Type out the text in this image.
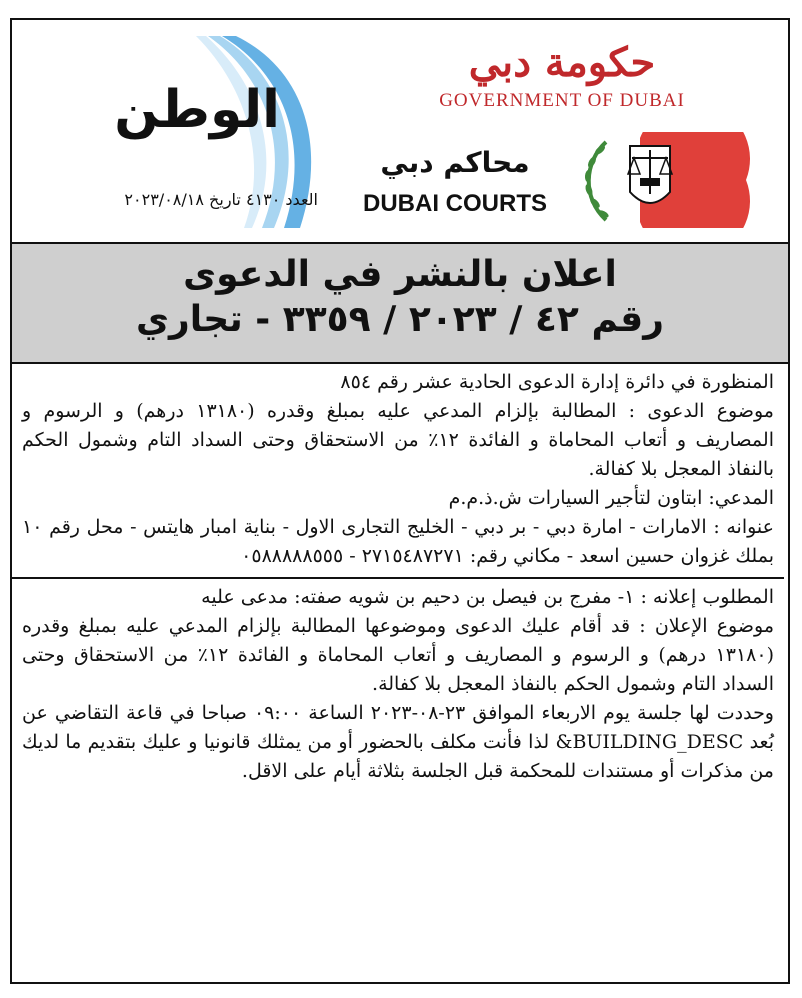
الوطن
العدد ٤١٣٠ تاريخ ٢٠٢٣/٠٨/١٨
حكومة دبي
GOVERNMENT OF DUBAI
محاكم دبي
DUBAI COURTS
اعلان بالنشر في الدعوى
رقم ٤٢ / ٢٠٢٣ / ٣٣٥٩ - تجاري

المنظورة في دائرة إدارة الدعوى الحادية عشر رقم ٨٥٤

موضوع الدعوى : المطالبة بإلزام المدعي عليه بمبلغ وقدره (١٣١٨٠ درهم) و الرسوم و المصاريف و أتعاب المحاماة و الفائدة ١٢٪ من الاستحقاق وحتى السداد التام وشمول الحكم بالنفاذ المعجل بلا كفالة.

المدعي: ابتاون لتأجير السيارات ش.ذ.م.م

عنوانه : الامارات - امارة دبي - بر دبي - الخليج التجارى الاول - بناية امبار هايتس - محل رقم ١٠ بملك غزوان حسين اسعد - مكاني رقم: ٢٧١٥٤٨٧٢٧١ - ٠٥٨٨٨٨٨٥٥٥

المطلوب إعلانه : ١- مفرج بن فيصل بن دحيم بن شويه صفته: مدعى عليه

موضوع الإعلان : قد أقام عليك الدعوى وموضوعها المطالبة بإلزام المدعي عليه بمبلغ وقدره (١٣١٨٠ درهم) و الرسوم و المصاريف و أتعاب المحاماة و الفائدة ١٢٪ من الاستحقاق وحتى السداد التام وشمول الحكم بالنفاذ المعجل بلا كفالة.

وحددت لها جلسة يوم الاربعاء الموافق ٢٣-٠٨-٢٠٢٣ الساعة ٠٩:٠٠ صباحا في قاعة التقاضي عن بُعد BUILDING_DESC& لذا فأنت مكلف بالحضور أو من يمثلك قانونيا و عليك بتقديم ما لديك من مذكرات أو مستندات للمحكمة قبل الجلسة بثلاثة أيام على الاقل.
